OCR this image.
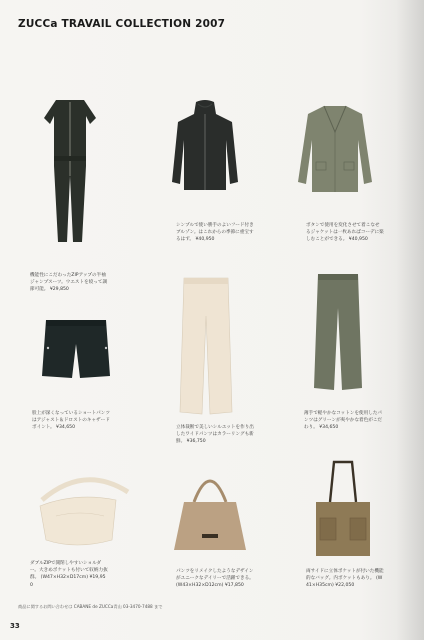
ZUCCa TRAVAIL COLLECTION 2007
機能性にこだわったZIPアップの半袖ジャンプスーツ。ウエストを絞って調節可能。 ¥29,850
シンプルで使い勝手のよいフード付きブルゾン。はこれからの季節に重宝するはず。 ¥40,950
ボタンで使用を変化させて着こなせるジャケットは一枚あればコーデに楽しむことができる。 ¥40,950
股上が深くなっているショートパンツはアジャスト＆ドロストのキャザードポイント。 ¥34,650	立体裁断で美しいシルエットを作り出したワイドパンツはカラーリングも新鮮。 ¥36,750
薄手で軽やかなコットンを使用したパンツはグリーンが爽やかな着色がこだわり。 ¥34,650
ダブルZIPで開閉しやすいショルダー。大きめポケットも付いて収納力抜群。 (W47×H32×D17cm) ¥19,950
パンツをリメイクしたようなデザインがユニークなデイリーで活躍できる。 (W43×H32×D12cm) ¥17,850
両サイドに立体ポケットが付いた機能的なバッグ。内ポケットもあり。 (W41×H35cm) ¥22,050
商品に関するお問い合わせは CABANE de ZUCCa青山 03-3470-7488 まで
33
